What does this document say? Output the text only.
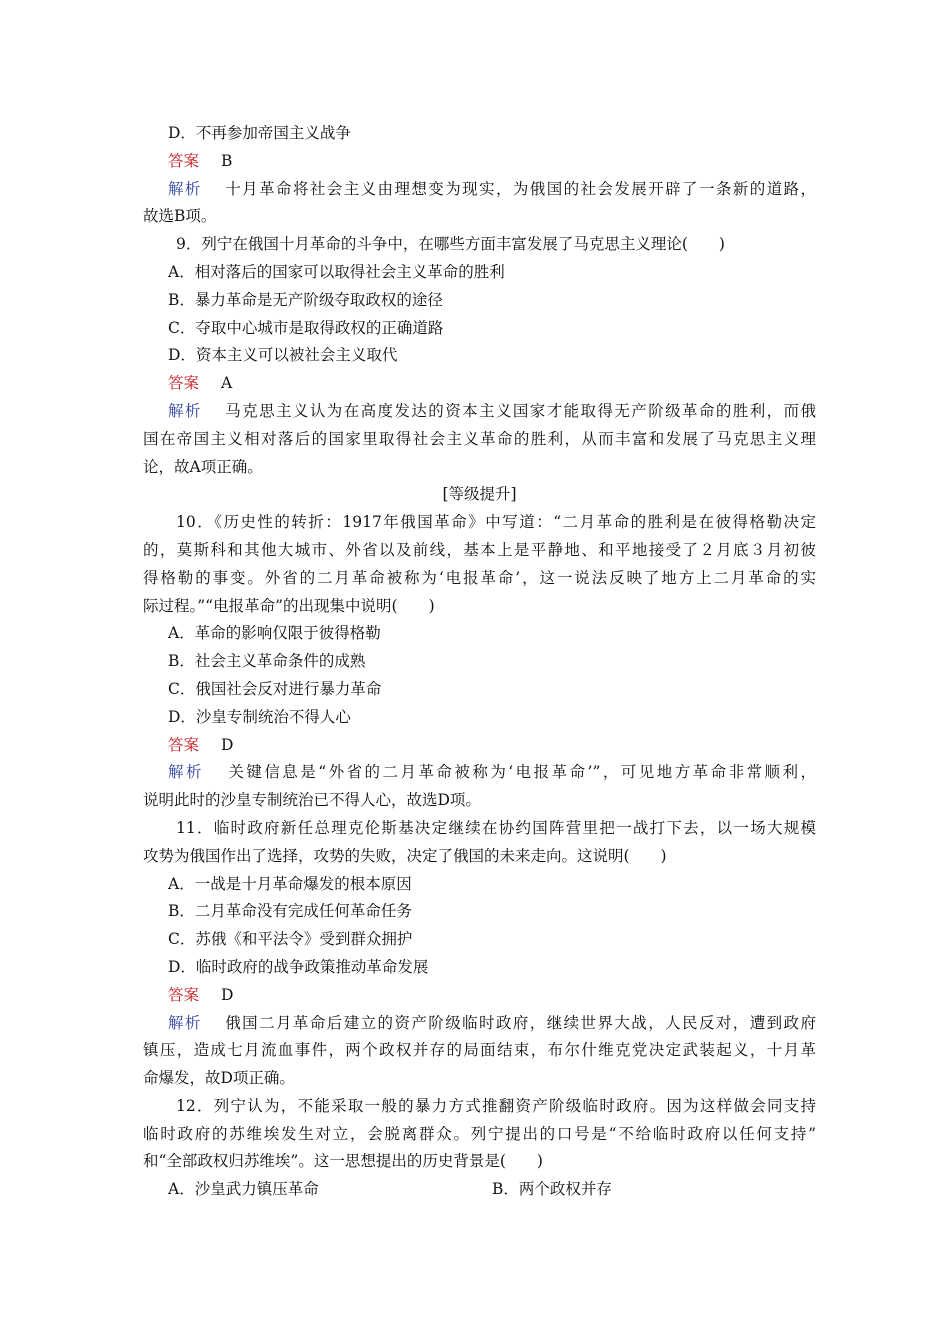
D．不再参加帝国主义战争
答案 B
解析 十月革命将社会主义由理想变为现实，为俄国的社会发展开辟了一条新的道路，
故选B项。
9．列宁在俄国十月革命的斗争中，在哪些方面丰富发展了马克思主义理论(　　)
A．相对落后的国家可以取得社会主义革命的胜利
B．暴力革命是无产阶级夺取政权的途径
C．夺取中心城市是取得政权的正确道路
D．资本主义可以被社会主义取代
答案 A
解析 马克思主义认为在高度发达的资本主义国家才能取得无产阶级革命的胜利，而俄
国在帝国主义相对落后的国家里取得社会主义革命的胜利，从而丰富和发展了马克思主义理
论，故A项正确。
[等级提升]
10．《历史性的转折：1917年俄国革命》中写道：“二月革命的胜利是在彼得格勒决定
的，莫斯科和其他大城市、外省以及前线，基本上是平静地、和平地接受了２月底３月初彼
得格勒的事变。外省的二月革命被称为‘电报革命’，这一说法反映了地方上二月革命的实
际过程。”“电报革命”的出现集中说明(　　)
A．革命的影响仅限于彼得格勒
B．社会主义革命条件的成熟
C．俄国社会反对进行暴力革命
D．沙皇专制统治不得人心
答案 D
解析 关键信息是“外省的二月革命被称为‘电报革命’”，可见地方革命非常顺利，
说明此时的沙皇专制统治已不得人心，故选D项。
11．临时政府新任总理克伦斯基决定继续在协约国阵营里把一战打下去，以一场大规模
攻势为俄国作出了选择，攻势的失败，决定了俄国的未来走向。这说明(　　)
A．一战是十月革命爆发的根本原因
B．二月革命没有完成任何革命任务
C．苏俄《和平法令》受到群众拥护
D．临时政府的战争政策推动革命发展
答案 D
解析 俄国二月革命后建立的资产阶级临时政府，继续世界大战，人民反对，遭到政府
镇压，造成七月流血事件，两个政权并存的局面结束，布尔什维克党决定武装起义，十月革
命爆发，故D项正确。
12．列宁认为，不能采取一般的暴力方式推翻资产阶级临时政府。因为这样做会同支持
临时政府的苏维埃发生对立，会脱离群众。列宁提出的口号是“不给临时政府以任何支持”
和“全部政权归苏维埃”。这一思想提出的历史背景是(　　)
A．沙皇武力镇压革命	B．两个政权并存
